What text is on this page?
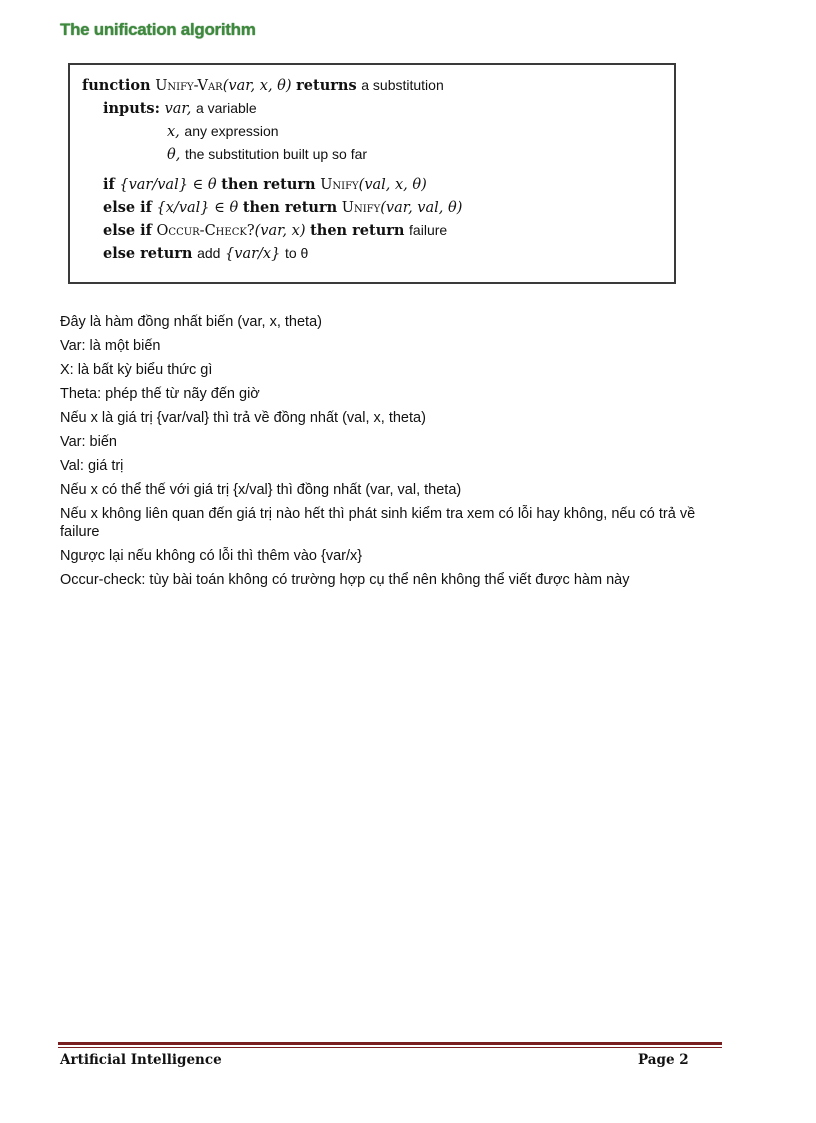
The unification algorithm
function Unify-Var(var, x, θ) returns a substitution
inputs: var, a variable
x, any expression
θ, the substitution built up so far
if {var/val} ∈ θ then return Unify(val, x, θ)
else if {x/val} ∈ θ then return Unify(var, val, θ)
else if Occur-Check?(var, x) then return failure
else return add {var/x} to θ

Đây là hàm đồng nhất biến (var, x, theta)

Var: là một biến

X: là bất kỳ biểu thức gì

Theta: phép thế từ nãy đến giờ

Nếu x là giá trị {var/val} thì trả về đồng nhất (val, x, theta)

Var: biến

Val: giá trị

Nếu x có thể thế với giá trị {x/val} thì đồng nhất (var, val, theta)

Nếu x không liên quan đến giá trị nào hết thì phát sinh kiểm tra xem có lỗi hay không, nếu có trả về failure

Ngược lại nếu không có lỗi thì thêm vào {var/x}

Occur-check: tùy bài toán không có trường hợp cụ thể nên không thể viết được hàm này

Artificial Intelligence	Page 2
